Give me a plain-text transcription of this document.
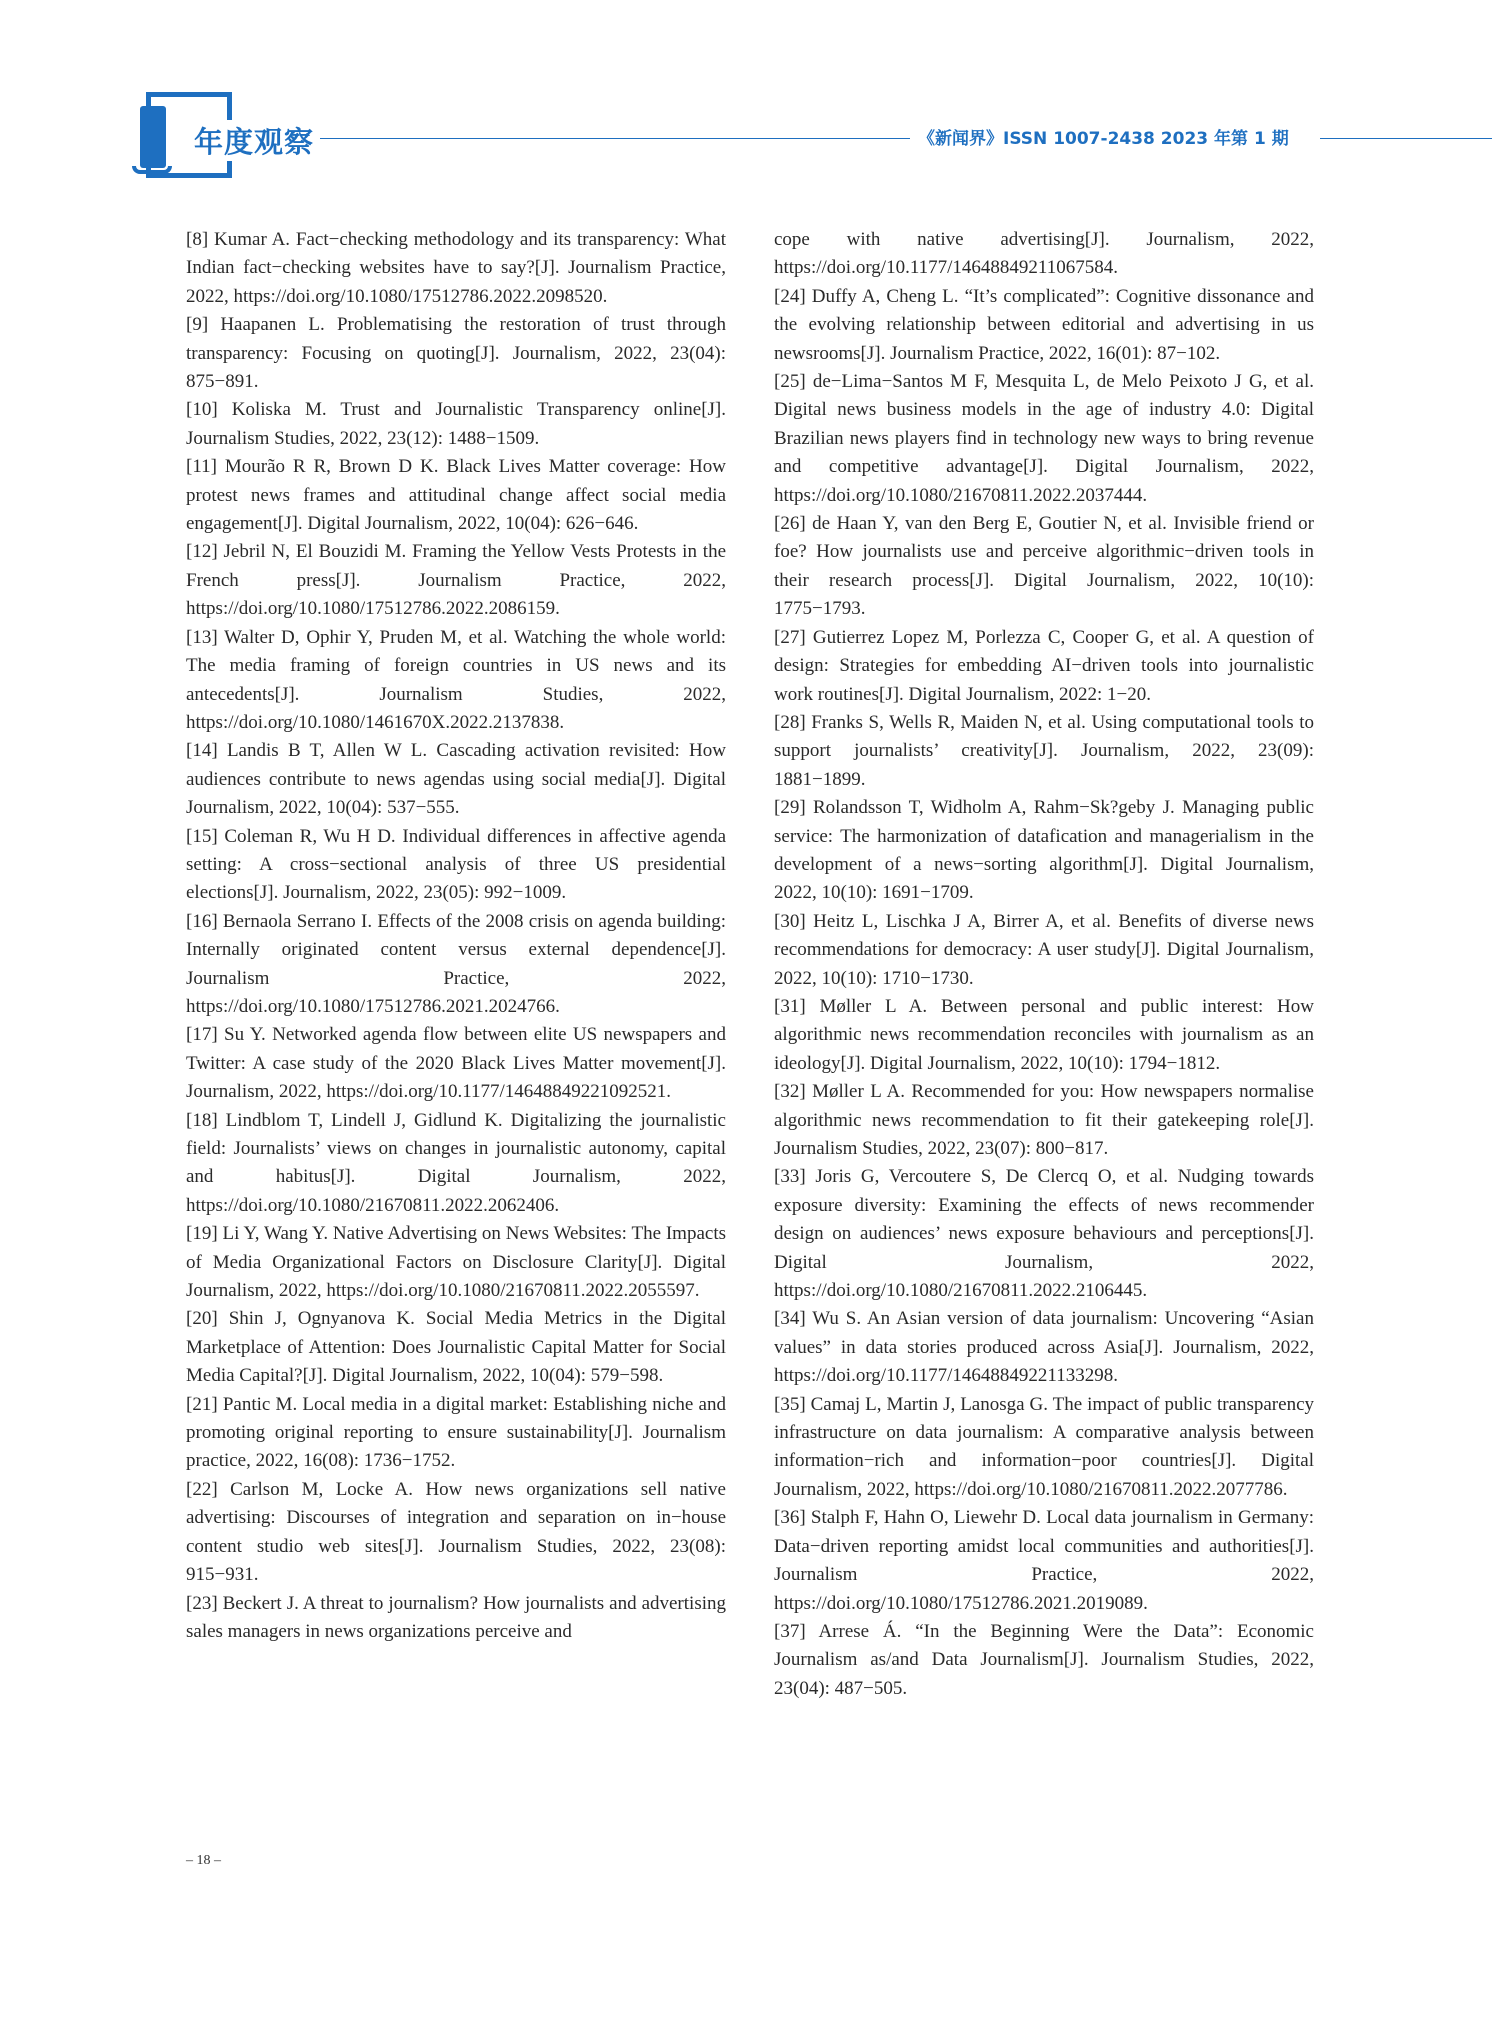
年度观察	《新闻界》ISSN 1007-2438 2023 年第 1 期

[8] Kumar A. Fact−checking methodology and its transparency: What Indian fact−checking websites have to say?[J]. Journalism Practice, 2022, https://doi.org/10.1080/17512786.2022.2098520.

[9] Haapanen L. Problematising the restoration of trust through transparency: Focusing on quoting[J]. Journalism, 2022, 23(04): 875−891.

[10] Koliska M. Trust and Journalistic Transparency online[J]. Journalism Studies, 2022, 23(12): 1488−1509.

[11] Mourão R R, Brown D K. Black Lives Matter coverage: How protest news frames and attitudinal change affect social media engagement[J]. Digital Journalism, 2022, 10(04): 626−646.

[12] Jebril N, El Bouzidi M. Framing the Yellow Vests Protests in the French press[J]. Journalism Practice, 2022, https://doi.org/10.1080/17512786.2022.2086159.

[13] Walter D, Ophir Y, Pruden M, et al. Watching the whole world: The media framing of foreign countries in US news and its antecedents[J]. Journalism Studies, 2022, https://doi.org/10.1080/1461670X.2022.2137838.

[14] Landis B T, Allen W L. Cascading activation revisited: How audiences contribute to news agendas using social media[J]. Digital Journalism, 2022, 10(04): 537−555.

[15] Coleman R, Wu H D. Individual differences in affective agenda setting: A cross−sectional analysis of three US presidential elections[J]. Journalism, 2022, 23(05): 992−1009.

[16] Bernaola Serrano I. Effects of the 2008 crisis on agenda building: Internally originated content versus external dependence[J]. Journalism Practice, 2022, https://doi.org/10.1080/17512786.2021.2024766.

[17] Su Y. Networked agenda flow between elite US newspapers and Twitter: A case study of the 2020 Black Lives Matter movement[J]. Journalism, 2022, https://doi.org/10.1177/14648849221092521.

[18] Lindblom T, Lindell J, Gidlund K. Digitalizing the journalistic field: Journalists’ views on changes in journalistic autonomy, capital and habitus[J]. Digital Journalism, 2022, https://doi.org/10.1080/21670811.2022.2062406.

[19] Li Y, Wang Y. Native Advertising on News Websites: The Impacts of Media Organizational Factors on Disclosure Clarity[J]. Digital Journalism, 2022, https://doi.org/10.1080/21670811.2022.2055597.

[20] Shin J, Ognyanova K. Social Media Metrics in the Digital Marketplace of Attention: Does Journalistic Capital Matter for Social Media Capital?[J]. Digital Journalism, 2022, 10(04): 579−598.

[21] Pantic M. Local media in a digital market: Establishing niche and promoting original reporting to ensure sustainability[J]. Journalism practice, 2022, 16(08): 1736−1752.

[22] Carlson M, Locke A. How news organizations sell native advertising: Discourses of integration and separation on in−house content studio web sites[J]. Journalism Studies, 2022, 23(08): 915−931.

[23] Beckert J. A threat to journalism? How journalists and advertising sales managers in news organizations perceive and

cope with native advertising[J]. Journalism, 2022, https://doi.org/10.1177/14648849211067584.

[24] Duffy A, Cheng L. “It’s complicated”: Cognitive dissonance and the evolving relationship between editorial and advertising in us newsrooms[J]. Journalism Practice, 2022, 16(01): 87−102.

[25] de−Lima−Santos M F, Mesquita L, de Melo Peixoto J G, et al. Digital news business models in the age of industry 4.0: Digital Brazilian news players find in technology new ways to bring revenue and competitive advantage[J]. Digital Journalism, 2022, https://doi.org/10.1080/21670811.2022.2037444.

[26] de Haan Y, van den Berg E, Goutier N, et al. Invisible friend or foe? How journalists use and perceive algorithmic−driven tools in their research process[J]. Digital Journalism, 2022, 10(10): 1775−1793.

[27] Gutierrez Lopez M, Porlezza C, Cooper G, et al. A question of design: Strategies for embedding AI−driven tools into journalistic work routines[J]. Digital Journalism, 2022: 1−20.

[28] Franks S, Wells R, Maiden N, et al. Using computational tools to support journalists’ creativity[J]. Journalism, 2022, 23(09): 1881−1899.

[29] Rolandsson T, Widholm A, Rahm−Sk?geby J. Managing public service: The harmonization of datafication and managerialism in the development of a news−sorting algorithm[J]. Digital Journalism, 2022, 10(10): 1691−1709.

[30] Heitz L, Lischka J A, Birrer A, et al. Benefits of diverse news recommendations for democracy: A user study[J]. Digital Journalism, 2022, 10(10): 1710−1730.

[31] Møller L A. Between personal and public interest: How algorithmic news recommendation reconciles with journalism as an ideology[J]. Digital Journalism, 2022, 10(10): 1794−1812.

[32] Møller L A. Recommended for you: How newspapers normalise algorithmic news recommendation to fit their gatekeeping role[J]. Journalism Studies, 2022, 23(07): 800−817.

[33] Joris G, Vercoutere S, De Clercq O, et al. Nudging towards exposure diversity: Examining the effects of news recommender design on audiences’ news exposure behaviours and perceptions[J]. Digital Journalism, 2022, https://doi.org/10.1080/21670811.2022.2106445.

[34] Wu S. An Asian version of data journalism: Uncovering “Asian values” in data stories produced across Asia[J]. Journalism, 2022, https://doi.org/10.1177/14648849221133298.

[35] Camaj L, Martin J, Lanosga G. The impact of public transparency infrastructure on data journalism: A comparative analysis between information−rich and information−poor countries[J]. Digital Journalism, 2022, https://doi.org/10.1080/21670811.2022.2077786.

[36] Stalph F, Hahn O, Liewehr D. Local data journalism in Germany: Data−driven reporting amidst local communities and authorities[J]. Journalism Practice, 2022, https://doi.org/10.1080/17512786.2021.2019089.

[37] Arrese Á. “In the Beginning Were the Data”: Economic Journalism as/and Data Journalism[J]. Journalism Studies, 2022, 23(04): 487−505.

– 18 –
